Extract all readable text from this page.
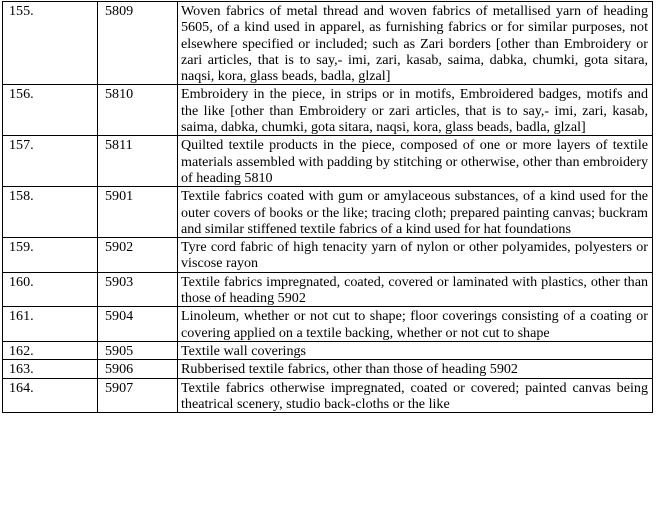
155.	5809	Woven fabrics of metal thread and woven fabrics of metallised yarn of heading 5605, of a kind used in apparel, as furnishing fabrics or for similar purposes, not elsewhere specified or included; such as Zari borders [other than Embroidery or zari articles, that is to say,- imi, zari, kasab, saima, dabka, chumki, gota sitara, naqsi, kora, glass beads, badla, glzal]
156.	5810	Embroidery in the piece, in strips or in motifs, Embroidered badges, motifs and the like [other than Embroidery or zari articles, that is to say,- imi, zari, kasab, saima, dabka, chumki, gota sitara, naqsi, kora, glass beads, badla, glzal]
157.	5811	Quilted textile products in the piece, composed of one or more layers of textile materials assembled with padding by stitching or otherwise, other than embroidery of heading 5810
158.	5901	Textile fabrics coated with gum or amylaceous substances, of a kind used for the outer covers of books or the like; tracing cloth; prepared painting canvas; buckram and similar stiffened textile fabrics of a kind used for hat foundations
159.	5902	Tyre cord fabric of high tenacity yarn of nylon or other polyamides, polyesters or viscose rayon
160.	5903	Textile fabrics impregnated, coated, covered or laminated with plastics, other than those of heading 5902
161.	5904	Linoleum, whether or not cut to shape; floor coverings consisting of a coating or covering applied on a textile backing, whether or not cut to shape
162.	5905	Textile wall coverings
163.	5906	Rubberised textile fabrics, other than those of heading 5902
164.	5907	Textile fabrics otherwise impregnated, coated or covered; painted canvas being theatrical scenery, studio back-cloths or the like
